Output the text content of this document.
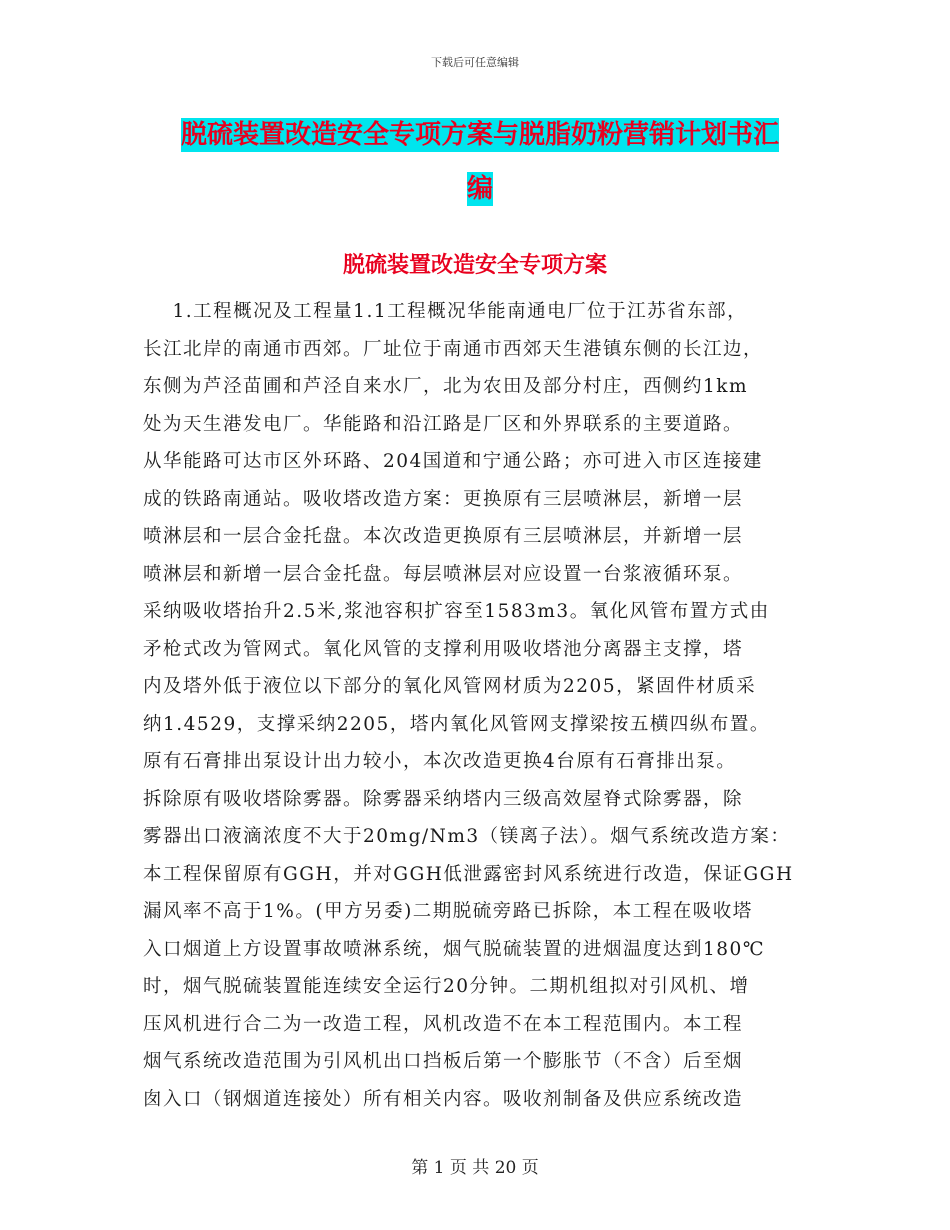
下载后可任意编辑
脱硫装置改造安全专项方案与脱脂奶粉营销计划书汇
编
脱硫装置改造安全专项方案
1.工程概况及工程量1.1工程概况华能南通电厂位于江苏省东部，
长江北岸的南通市西郊。厂址位于南通市西郊天生港镇东侧的长江边，
东侧为芦泾苗圃和芦泾自来水厂，北为农田及部分村庄，西侧约1km
处为天生港发电厂。华能路和沿江路是厂区和外界联系的主要道路。
从华能路可达市区外环路、204国道和宁通公路；亦可进入市区连接建
成的铁路南通站。吸收塔改造方案：更换原有三层喷淋层，新增一层
喷淋层和一层合金托盘。本次改造更换原有三层喷淋层，并新增一层
喷淋层和新增一层合金托盘。每层喷淋层对应设置一台浆液循环泵。
采纳吸收塔抬升2.5米,浆池容积扩容至1583m3。氧化风管布置方式由
矛枪式改为管网式。氧化风管的支撑利用吸收塔池分离器主支撑，塔
内及塔外低于液位以下部分的氧化风管网材质为2205，紧固件材质采
纳1.4529，支撑采纳2205，塔内氧化风管网支撑梁按五横四纵布置。
原有石膏排出泵设计出力较小，本次改造更换4台原有石膏排出泵。
拆除原有吸收塔除雾器。除雾器采纳塔内三级高效屋脊式除雾器，除
雾器出口液滴浓度不大于20mg/Nm3（镁离子法）。烟气系统改造方案：
本工程保留原有GGH，并对GGH低泄露密封风系统进行改造，保证GGH
漏风率不高于1%。(甲方另委)二期脱硫旁路已拆除，本工程在吸收塔
入口烟道上方设置事故喷淋系统，烟气脱硫装置的进烟温度达到180℃
时，烟气脱硫装置能连续安全运行20分钟。二期机组拟对引风机、增
压风机进行合二为一改造工程，风机改造不在本工程范围内。本工程
烟气系统改造范围为引风机出口挡板后第一个膨胀节（不含）后至烟
囱入口（钢烟道连接处）所有相关内容。吸收剂制备及供应系统改造
第 1 页 共 20 页
